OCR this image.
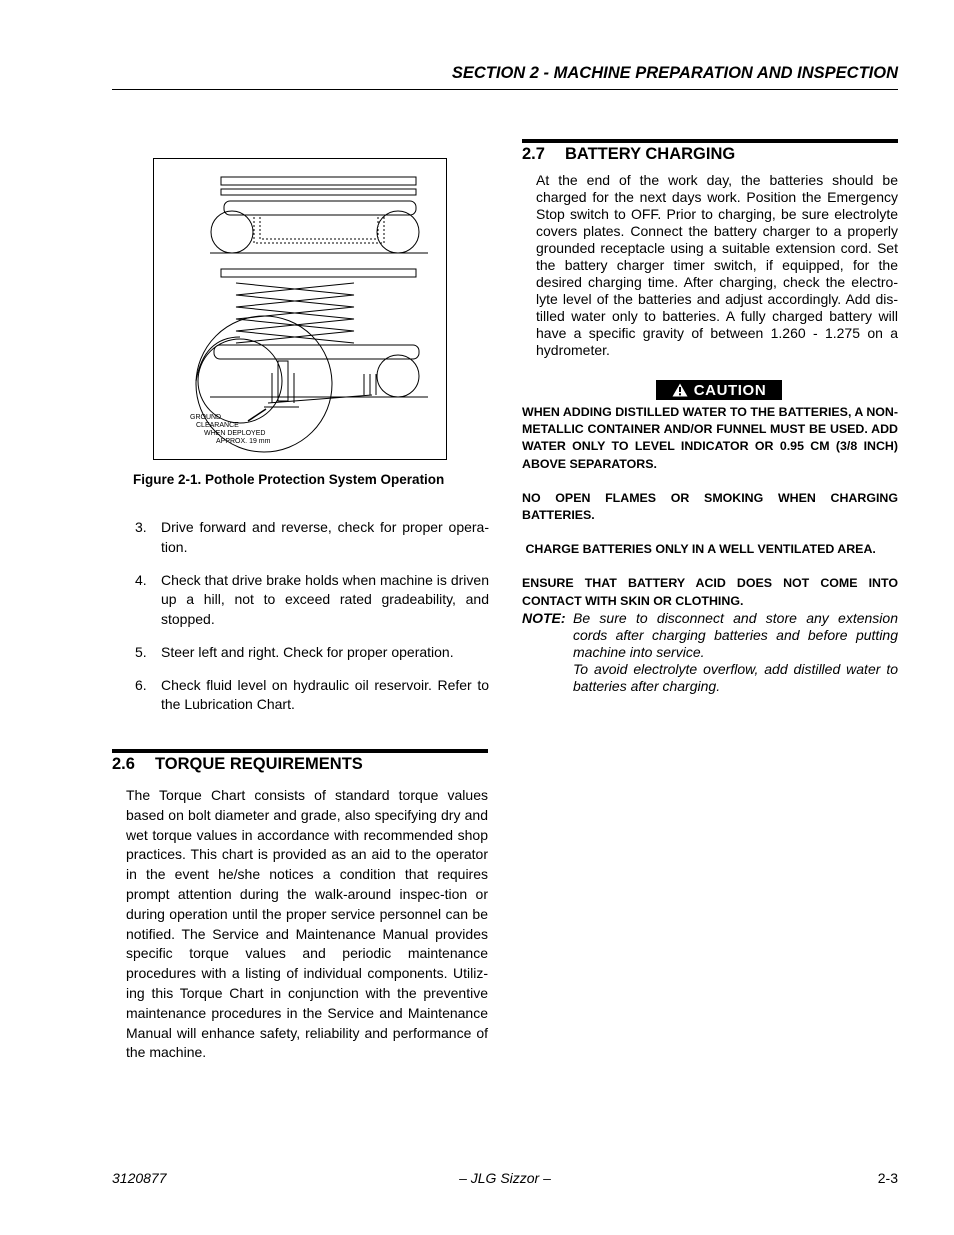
SECTION 2 - MACHINE PREPARATION AND INSPECTION
GROUND
CLEARANCE
WHEN DEPLOYED
APPROX. 19 mm
Figure 2-1. Pothole Protection System Operation
3.	Drive forward and reverse, check for proper opera-tion.
4.	Check that drive brake holds when machine is driven up a hill, not to exceed rated gradeability, and stopped.
5.	Steer left and right. Check for proper operation.
6.	Check fluid level on hydraulic oil reservoir. Refer to the Lubrication Chart.
2.6 TORQUE REQUIREMENTS
The Torque Chart consists of standard torque values based on bolt diameter and grade, also specifying dry and wet torque values in accordance with recommended shop practices. This chart is provided as an aid to the operator in the event he/she notices a condition that requires prompt attention during the walk-around inspec-tion or during operation until the proper service personnel can be notified. The Service and Maintenance Manual provides specific torque values and periodic maintenance procedures with a listing of individual components. Utiliz-ing this Torque Chart in conjunction with the preventive maintenance procedures in the Service and Maintenance Manual will enhance safety, reliability and performance of the machine.
2.7 BATTERY CHARGING
At the end of the work day, the batteries should be charged for the next days work. Position the Emergency Stop switch to OFF. Prior to charging, be sure electrolyte covers plates. Connect the battery charger to a properly grounded receptacle using a suitable extension cord. Set the battery charger timer switch, if equipped, for the desired charging time. After charging, check the electro-lyte level of the batteries and adjust accordingly. Add dis-tilled water only to batteries. A fully charged battery will have a specific gravity of between 1.260 - 1.275 on a hydrometer.
CAUTION

WHEN ADDING DISTILLED WATER TO THE BATTERIES, A NON-METALLIC CONTAINER AND/OR FUNNEL MUST BE USED. ADD WATER ONLY TO LEVEL INDICATOR OR 0.95 CM (3/8 INCH) ABOVE SEPARATORS.

NO OPEN FLAMES OR SMOKING WHEN CHARGING BATTERIES.

CHARGE BATTERIES ONLY IN A WELL VENTILATED AREA.

ENSURE THAT BATTERY ACID DOES NOT COME INTO CONTACT WITH SKIN OR CLOTHING.

NOTE: Be sure to disconnect and store any extension cords after charging batteries and before putting machine into service.

To avoid electrolyte overflow, add distilled water to batteries after charging.

3120877	– JLG Sizzor –	2-3
